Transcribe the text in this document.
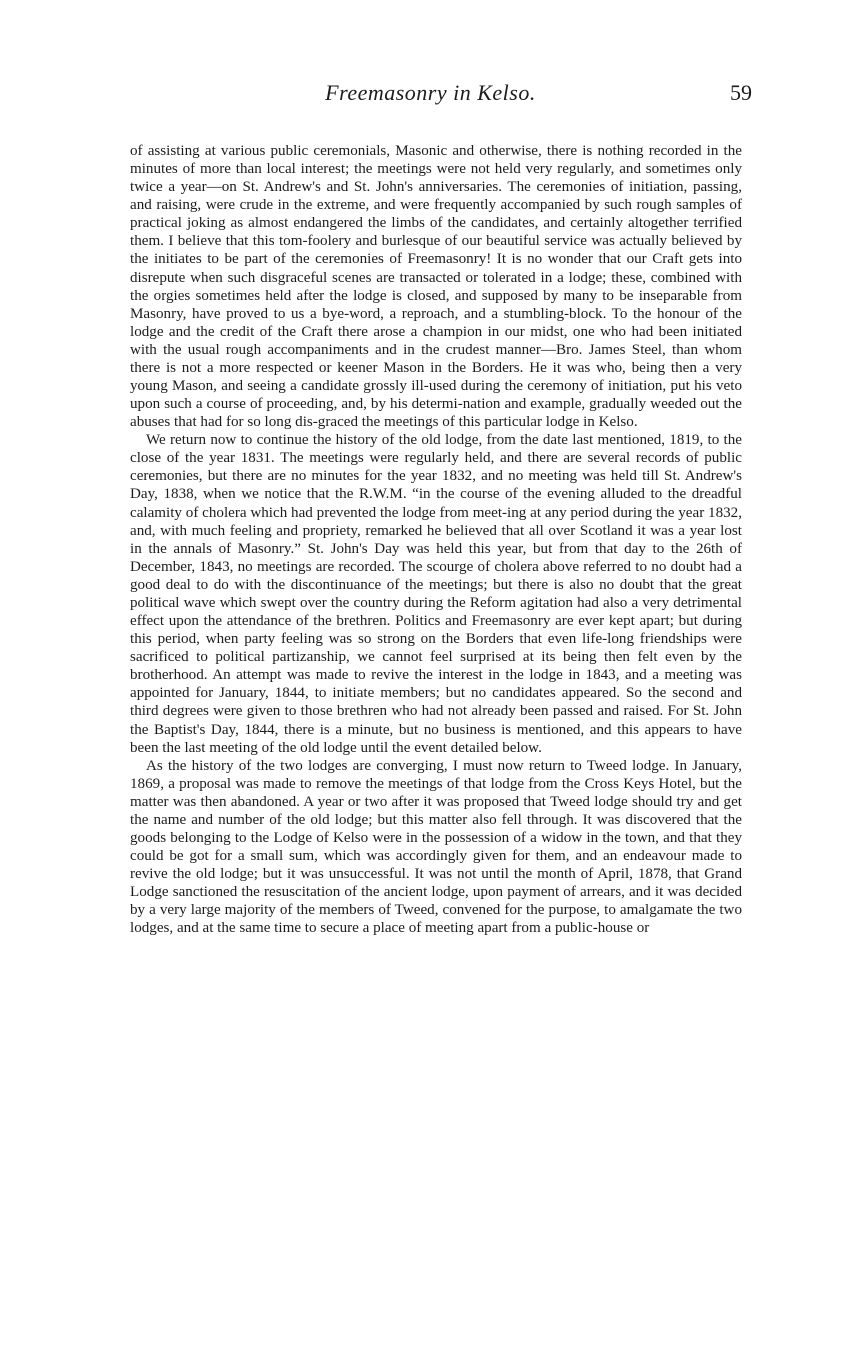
Freemasonry in Kelso.	59

of assisting at various public ceremonials, Masonic and otherwise, there is nothing recorded in the minutes of more than local interest; the meetings were not held very regularly, and sometimes only twice a year—on St. Andrew's and St. John's anniversaries. The ceremonies of initiation, passing, and raising, were crude in the extreme, and were frequently accompanied by such rough samples of practical joking as almost endangered the limbs of the candidates, and certainly altogether terrified them. I believe that this tom-foolery and burlesque of our beautiful service was actually believed by the initiates to be part of the ceremonies of Freemasonry! It is no wonder that our Craft gets into disrepute when such disgraceful scenes are transacted or tolerated in a lodge; these, combined with the orgies sometimes held after the lodge is closed, and supposed by many to be inseparable from Masonry, have proved to us a bye-word, a reproach, and a stumbling-block. To the honour of the lodge and the credit of the Craft there arose a champion in our midst, one who had been initiated with the usual rough accompaniments and in the crudest manner—Bro. James Steel, than whom there is not a more respected or keener Mason in the Borders. He it was who, being then a very young Mason, and seeing a candidate grossly ill-used during the ceremony of initiation, put his veto upon such a course of proceeding, and, by his determi-nation and example, gradually weeded out the abuses that had for so long dis-graced the meetings of this particular lodge in Kelso.

We return now to continue the history of the old lodge, from the date last mentioned, 1819, to the close of the year 1831. The meetings were regularly held, and there are several records of public ceremonies, but there are no minutes for the year 1832, and no meeting was held till St. Andrew's Day, 1838, when we notice that the R.W.M. “in the course of the evening alluded to the dreadful calamity of cholera which had prevented the lodge from meet-ing at any period during the year 1832, and, with much feeling and propriety, remarked he believed that all over Scotland it was a year lost in the annals of Masonry.” St. John's Day was held this year, but from that day to the 26th of December, 1843, no meetings are recorded. The scourge of cholera above referred to no doubt had a good deal to do with the discontinuance of the meetings; but there is also no doubt that the great political wave which swept over the country during the Reform agitation had also a very detrimental effect upon the attendance of the brethren. Politics and Freemasonry are ever kept apart; but during this period, when party feeling was so strong on the Borders that even life-long friendships were sacrificed to political partizanship, we cannot feel surprised at its being then felt even by the brotherhood. An attempt was made to revive the interest in the lodge in 1843, and a meeting was appointed for January, 1844, to initiate members; but no candidates appeared. So the second and third degrees were given to those brethren who had not already been passed and raised. For St. John the Baptist's Day, 1844, there is a minute, but no business is mentioned, and this appears to have been the last meeting of the old lodge until the event detailed below.

As the history of the two lodges are converging, I must now return to Tweed lodge. In January, 1869, a proposal was made to remove the meetings of that lodge from the Cross Keys Hotel, but the matter was then abandoned. A year or two after it was proposed that Tweed lodge should try and get the name and number of the old lodge; but this matter also fell through. It was discovered that the goods belonging to the Lodge of Kelso were in the possession of a widow in the town, and that they could be got for a small sum, which was accordingly given for them, and an endeavour made to revive the old lodge; but it was unsuccessful. It was not until the month of April, 1878, that Grand Lodge sanctioned the resuscitation of the ancient lodge, upon payment of arrears, and it was decided by a very large majority of the members of Tweed, convened for the purpose, to amalgamate the two lodges, and at the same time to secure a place of meeting apart from a public-house or
